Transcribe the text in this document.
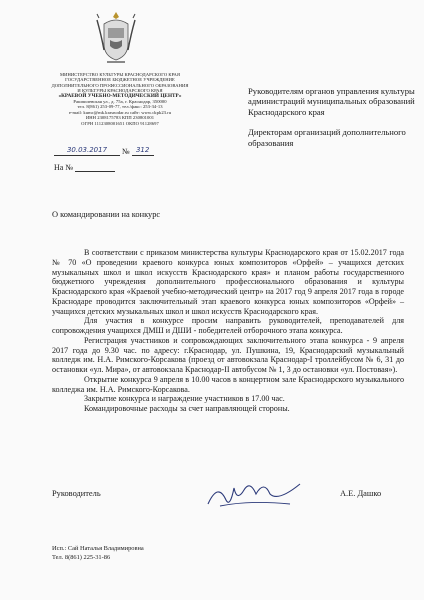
МИНИСТЕРСТВО КУЛЬТУРЫ КРАСНОДАРСКОГО КРАЯ
ГОСУДАРСТВЕННОЕ БЮДЖЕТНОЕ УЧРЕЖДЕНИЕ
ДОПОЛНИТЕЛЬНОГО ПРОФЕССИОНАЛЬНОГО ОБРАЗОВАНИЯ
И КУЛЬТУРЫ КРАСНОДАРСКОГО КРАЯ
«КРАЕВОЙ УЧЕБНО-МЕТОДИЧЕСКИЙ ЦЕНТР»
Рашпилевская ул., д. 75а, г. Краснодар, 350000
тел. 8(861) 253-09-77, тел./факс: 253-34-13
e-mail: kumc@mk.krasnodar.ru сайт: www.ckpk23.ru
ИНН 2308175783 КПП 230801001
ОГРН 1112308001651 ОКПО 91128697
30.03.2017 № 312
На №
Руководителям органов управления культуры администраций муниципальных образований Краснодарского края
Директорам организаций дополнительного образования
О командировании на конкурс

В соответствии с приказом министерства культуры Краснодарского края от 15.02.2017 года № 70 «О проведении краевого конкурса юных композиторов «Орфей» – учащихся детских музыкальных школ и школ искусств Краснодарского края» и планом работы государственного бюджетного учреждения дополнительного профессионального образования и культуры Краснодарского края «Краевой учебно-методический центр» на 2017 год 9 апреля 2017 года в городе Краснодаре проводится заключительный этап краевого конкурса юных композиторов «Орфей» – учащихся детских музыкальных школ и школ искусств Краснодарского края.

Для участия в конкурсе просим направить руководителей, преподавателей для сопровождения учащихся ДМШ и ДШИ - победителей отборочного этапа конкурса.

Регистрация участников и сопровождающих заключительного этапа конкурса - 9 апреля 2017 года до 9.30 час. по адресу: г.Краснодар, ул. Пушкина, 19, Краснодарский музыкальный колледж им. Н.А. Римского-Корсакова (проезд от автовокзала Краснодар-I троллейбусом № 6, 31 до остановки «ул. Мира», от автовокзала Краснодар-II автобусом № 1, 3 до остановки «ул. Постовая»).

Открытие конкурса 9 апреля в 10.00 часов в концертном зале Краснодарского музыкального колледжа им. Н.А. Римского-Корсакова.

Закрытие конкурса и награждение участников в 17.00 час.

Командировочные расходы за счет направляющей стороны.

Руководитель	А.Е. Дашко
Исп.: Сай Наталья Владимировна
Тел. 8(861) 225-31-86
